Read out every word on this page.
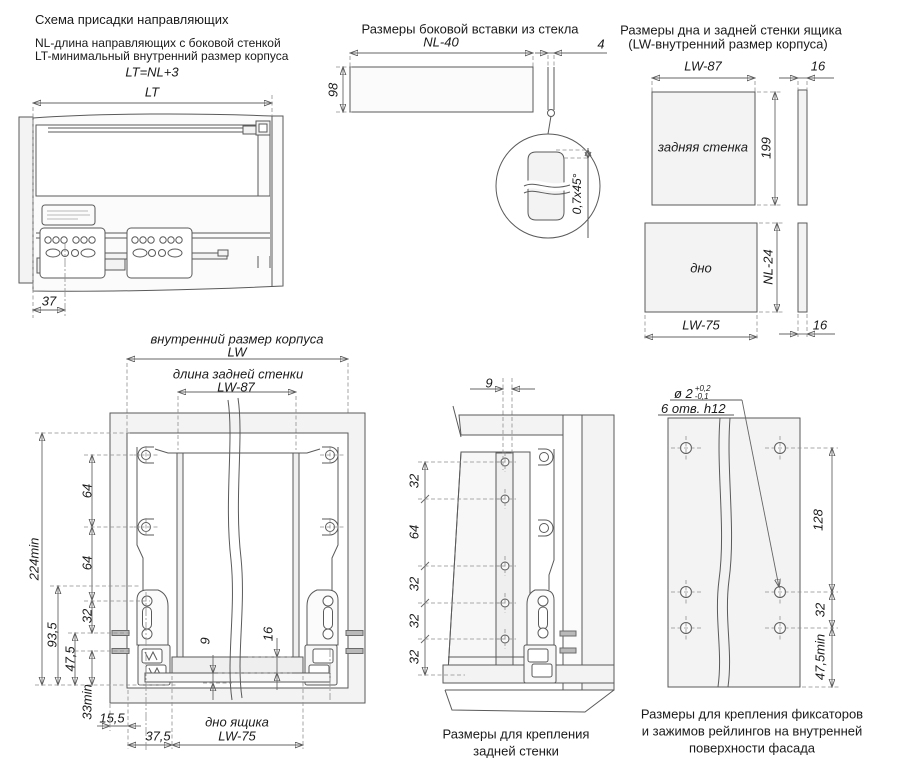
Схема присадки направляющих
NL-длина направляющих с боковой стенкой
LT-минимальный внутренний размер корпуса
LT=NL+3
LT
37
Размеры боковой вставки из стекла
NL-40
98
4
0,7x45°
Размеры дна и задней стенки ящика
(LW-внутренний размер корпуса)
LW-87	16
задняя стенка 199
дно	NL-24
LW-75	16
внутренний размер корпуса
LW
длина задней стенки
LW-87
224min
64
64
32
93,5
47,5
33min 15,5
37,5
дно ящика
LW-75
9	16
9
32
64
32
32
32
Размеры для крепления
задней стенки
ø 2 +0,2
-0,1
6 отв. h12
128
32
47,5min
Размеры для крепления фиксаторов
и зажимов рейлингов на внутренней
поверхности фасада
